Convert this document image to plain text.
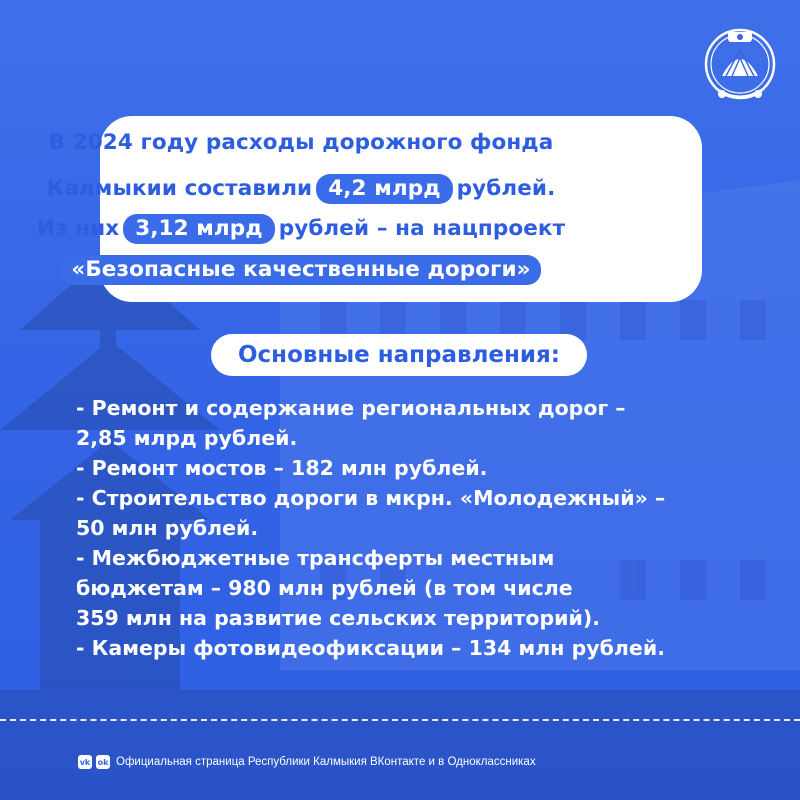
В 2024 году расходы дорожного фонда
Калмыкии составили 4,2 млрд рублей.
Из них 3,12 млрд рублей – на нацпроект
«Безопасные качественные дороги»
Основные направления:
- Ремонт и содержание региональных дорог –
2,85 млрд рублей.
- Ремонт мостов – 182 млн рублей.
- Строительство дороги в мкрн. «Молодежный» –
50 млн рублей.
- Межбюджетные трансферты местным
бюджетам – 980 млн рублей (в том числе
359 млн на развитие сельских территорий).
- Камеры фотовидеофиксации – 134 млн рублей.
vk ok Официальная страница Республики Калмыкия ВКонтакте и в Одноклассниках
